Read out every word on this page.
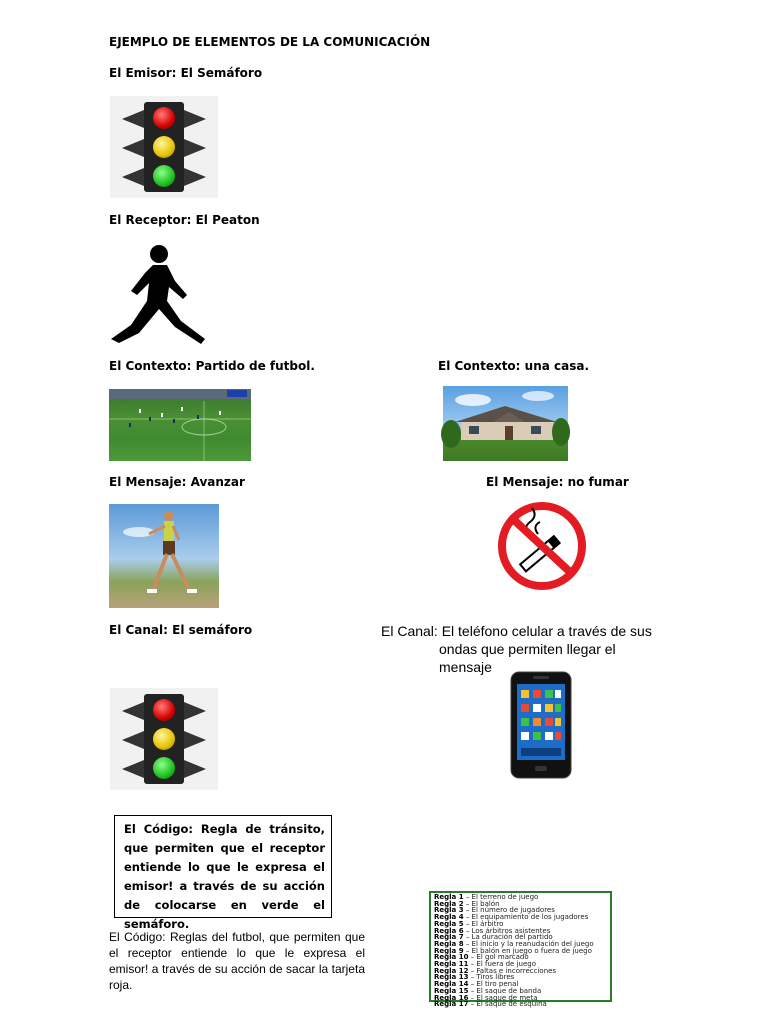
EJEMPLO DE ELEMENTOS DE LA COMUNICACIÓN
El Emisor: El Semáforo
El Receptor: El Peaton
El Contexto: Partido de futbol.	El Contexto: una casa.
El Mensaje: Avanzar	El Mensaje: no fumar
El Canal: El semáforo	El Canal: El teléfono celular a través de sus
ondas que permiten llegar el
mensaje
El Código: Regla de tránsito, que permiten que el receptor entiende lo que le expresa el emisor! a través de su acción de colocarse en verde el semáforo.
El Código: Reglas del futbol, que permiten que el receptor entiende lo que le expresa el emisor! a través de su acción de sacar la tarjeta roja.
Regla 1 – El terreno de juego
Regla 2 – El balón
Regla 3 – El número de jugadores
Regla 4 – El equipamiento de los jugadores
Regla 5 – El árbitro
Regla 6 – Los árbitros asistentes
Regla 7 – La duración del partido
Regla 8 – El inicio y la reanudación del juego
Regla 9 – El balón en juego o fuera de juego
Regla 10 – El gol marcado
Regla 11 – El fuera de juego
Regla 12 – Faltas e incorrecciones
Regla 13 – Tiros libres
Regla 14 – El tiro penal
Regla 15 – El saque de banda
Regla 16 – El saque de meta
Regla 17 – El saque de esquina
